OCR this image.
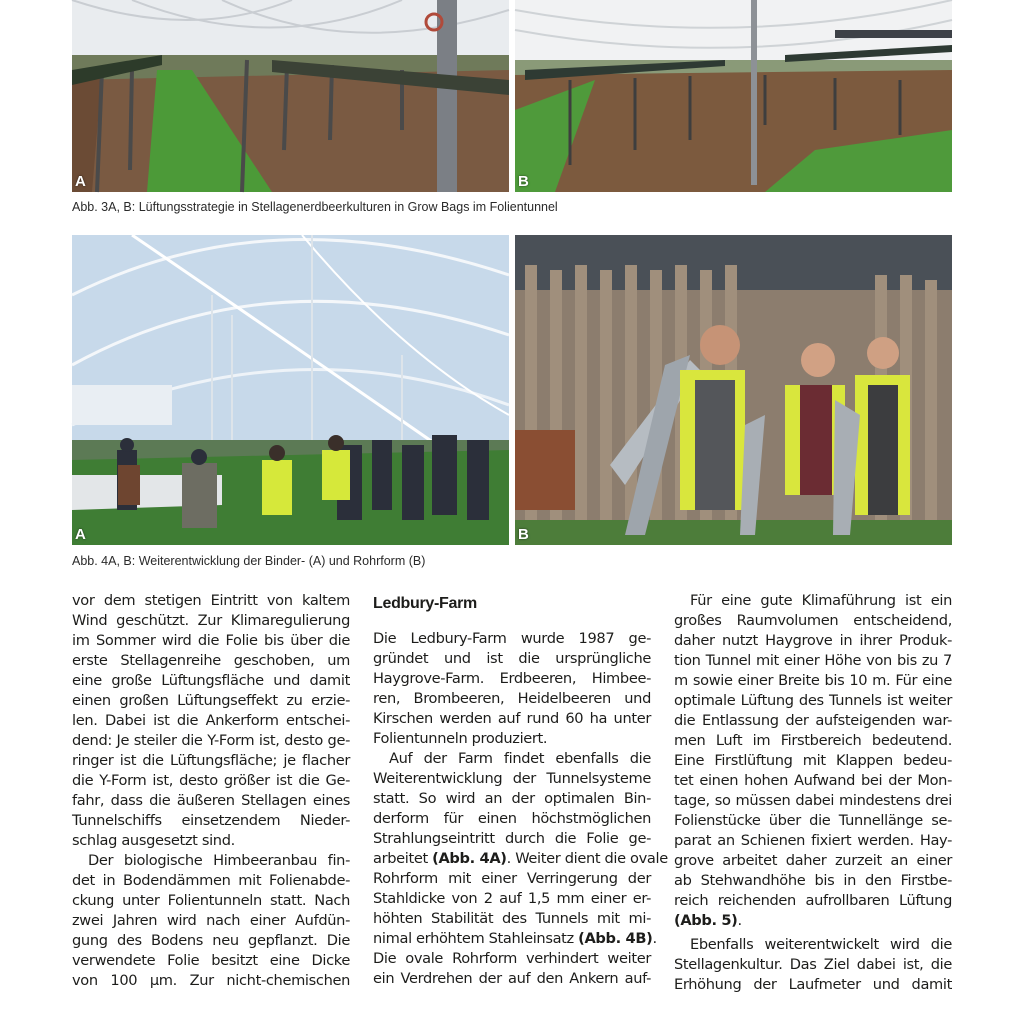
A	B
Abb. 3A, B: Lüftungsstrategie in Stellagenerdbeerkulturen in Grow Bags im Folientunnel
A	B
Abb. 4A, B: Weiterentwicklung der Binder- (A) und Rohrform (B)
vor dem stetigen Eintritt von kaltem
Wind geschützt. Zur Klimaregulierung
im Sommer wird die Folie bis über die
erste Stellagenreihe geschoben, um
eine große Lüftungsfläche und damit
einen großen Lüftungseffekt zu erzie-
len. Dabei ist die Ankerform entschei-
dend: Je steiler die Y-Form ist, desto ge-
ringer ist die Lüftungsfläche; je flacher
die Y-Form ist, desto größer ist die Ge-
fahr, dass die äußeren Stellagen eines
Tunnelschiffs einsetzendem Nieder-
schlag ausgesetzt sind.
Der biologische Himbeeranbau fin-
det in Bodendämmen mit Folienabde-
ckung unter Folientunneln statt. Nach
zwei Jahren wird nach einer Aufdün-
gung des Bodens neu gepflanzt. Die
verwendete Folie besitzt eine Dicke
von 100 µm. Zur nicht-chemischen
Ledbury-Farm
Die Ledbury-Farm wurde 1987 ge-
gründet und ist die ursprüngliche
Haygrove-Farm. Erdbeeren, Himbee-
ren, Brombeeren, Heidelbeeren und
Kirschen werden auf rund 60 ha unter
Folientunneln produziert.
Auf der Farm findet ebenfalls die
Weiterentwicklung der Tunnelsysteme
statt. So wird an der optimalen Bin-
derform für einen höchstmöglichen
Strahlungseintritt durch die Folie ge-
arbeitet (Abb. 4A). Weiter dient die ovale
Rohrform mit einer Verringerung der
Stahldicke von 2 auf 1,5 mm einer er-
höhten Stabilität des Tunnels mit mi-
nimal erhöhtem Stahleinsatz (Abb. 4B).
Die ovale Rohrform verhindert weiter
ein Verdrehen der auf den Ankern auf-
Für eine gute Klimaführung ist ein
großes Raumvolumen entscheidend,
daher nutzt Haygrove in ihrer Produk-
tion Tunnel mit einer Höhe von bis zu 7
m sowie einer Breite bis 10 m. Für eine
optimale Lüftung des Tunnels ist weiter
die Entlassung der aufsteigenden war-
men Luft im Firstbereich bedeutend.
Eine Firstlüftung mit Klappen bedeu-
tet einen hohen Aufwand bei der Mon-
tage, so müssen dabei mindestens drei
Folienstücke über die Tunnellänge se-
parat an Schienen fixiert werden. Hay-
grove arbeitet daher zurzeit an einer
ab Stehwandhöhe bis in den Firstbe-
reich reichenden aufrollbaren Lüftung
(Abb. 5).
Ebenfalls weiterentwickelt wird die
Stellagenkultur. Das Ziel dabei ist, die
Erhöhung der Laufmeter und damit
